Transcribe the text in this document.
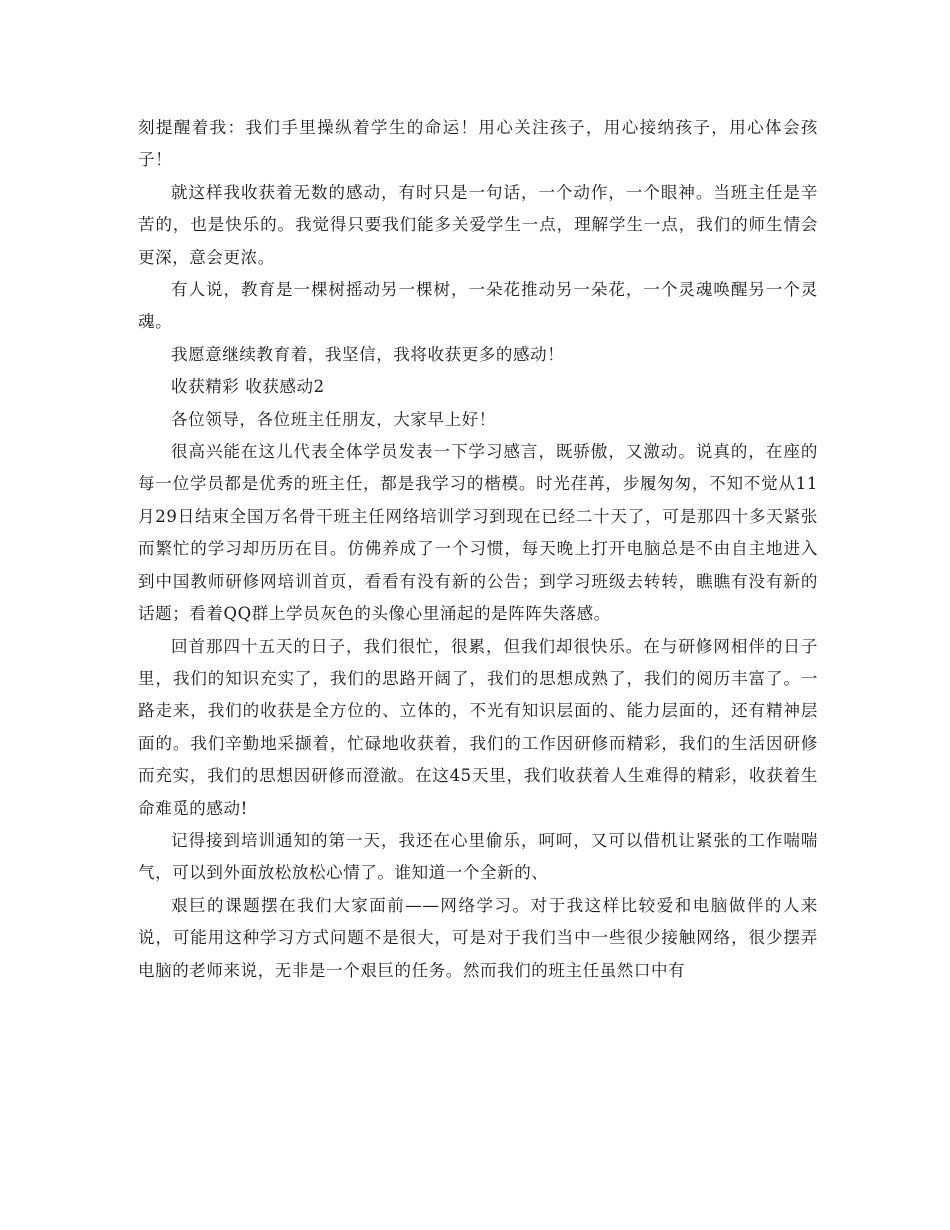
刻提醒着我：我们手里操纵着学生的命运！用心关注孩子，用心接纳孩子，用心体会孩子！

就这样我收获着无数的感动，有时只是一句话，一个动作，一个眼神。当班主任是辛苦的，也是快乐的。我觉得只要我们能多关爱学生一点，理解学生一点，我们的师生情会更深，意会更浓。

有人说，教育是一棵树摇动另一棵树，一朵花推动另一朵花，一个灵魂唤醒另一个灵魂。

我愿意继续教育着，我坚信，我将收获更多的感动！

收获精彩 收获感动2

各位领导，各位班主任朋友，大家早上好！

很高兴能在这儿代表全体学员发表一下学习感言，既骄傲，又激动。说真的，在座的每一位学员都是优秀的班主任，都是我学习的楷模。时光荏苒，步履匆匆，不知不觉从11月29日结束全国万名骨干班主任网络培训学习到现在已经二十天了，可是那四十多天紧张而繁忙的学习却历历在目。仿佛养成了一个习惯，每天晚上打开电脑总是不由自主地进入到中国教师研修网培训首页，看看有没有新的公告；到学习班级去转转，瞧瞧有没有新的话题；看着QQ群上学员灰色的头像心里涌起的是阵阵失落感。

回首那四十五天的日子，我们很忙，很累，但我们却很快乐。在与研修网相伴的日子里，我们的知识充实了，我们的思路开阔了，我们的思想成熟了，我们的阅历丰富了。一路走来，我们的收获是全方位的、立体的，不光有知识层面的、能力层面的，还有精神层面的。我们辛勤地采撷着，忙碌地收获着，我们的工作因研修而精彩，我们的生活因研修而充实，我们的思想因研修而澄澈。在这45天里，我们收获着人生难得的精彩，收获着生命难觅的感动!

记得接到培训通知的第一天，我还在心里偷乐，呵呵，又可以借机让紧张的工作喘喘气，可以到外面放松放松心情了。谁知道一个全新的、

艰巨的课题摆在我们大家面前——网络学习。对于我这样比较爱和电脑做伴的人来说，可能用这种学习方式问题不是很大，可是对于我们当中一些很少接触网络，很少摆弄电脑的老师来说，无非是一个艰巨的任务。然而我们的班主任虽然口中有
